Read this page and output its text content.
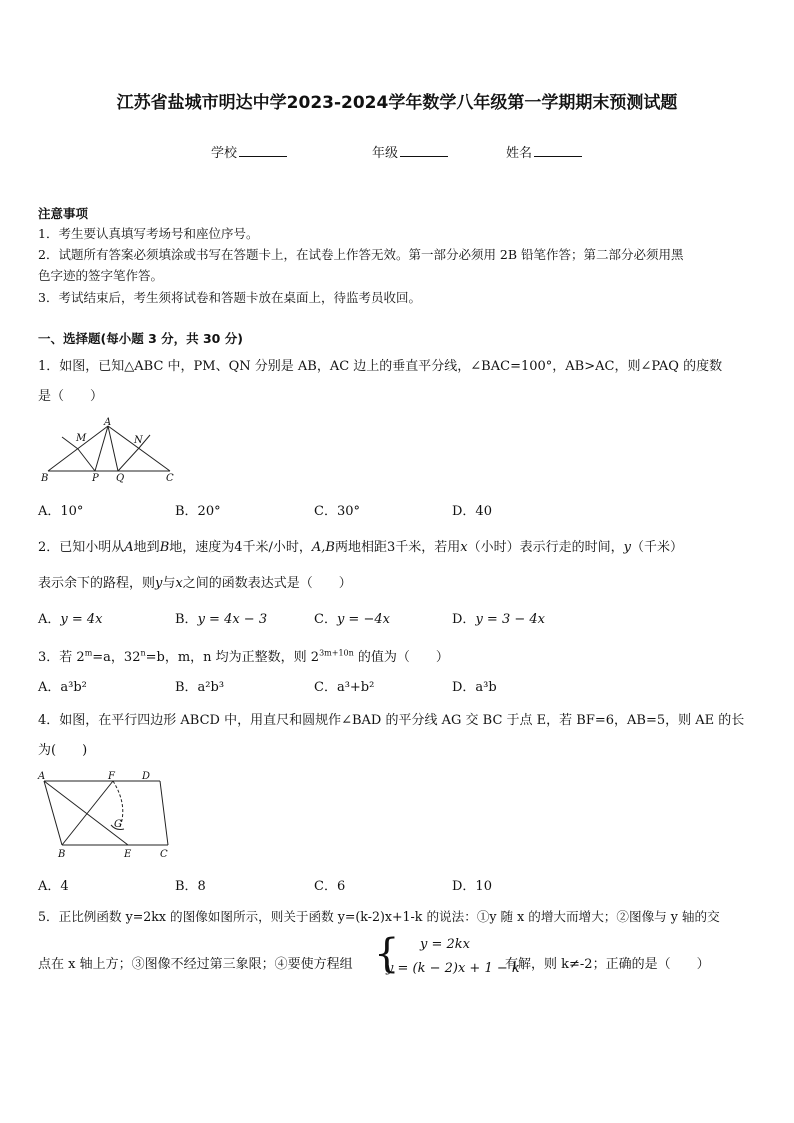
江苏省盐城市明达中学2023-2024学年数学八年级第一学期期末预测试题
学校	年级	姓名
注意事项
1．考生要认真填写考场号和座位序号。
2．试题所有答案必须填涂或书写在答题卡上，在试卷上作答无效。第一部分必须用 2B 铅笔作答；第二部分必须用黑
色字迹的签字笔作答。
3．考试结束后，考生须将试卷和答题卡放在桌面上，待监考员收回。
一、选择题(每小题 3 分，共 30 分)
1．如图，已知△ABC 中，PM、QN 分别是 AB，AC 边上的垂直平分线，∠BAC=100°，AB>AC，则∠PAQ 的度数
是（　　）
M
A
N
B	P Q	C
A．10°	B．20°	C．30°	D．40
2．已知小明从A地到B地，速度为4千米/小时，A,B两地相距3千米，若用x（小时）表示行走的时间，y（千米）
表示余下的路程，则y与x之间的函数表达式是（　　）
A．y = 4x	B．y = 4x − 3	C．y = −4x	D．y = 3 − 4x
3．若 $2^m=a$，$32^n=b$，m，n 均为正整数，则 $2^{3m+10n}$ 的值为（　　）
A．a³b²	B．a²b³	C．a³+b²	D．a³b
4．如图，在平行四边形 ABCD 中，用直尺和圆规作∠BAD 的平分线 AG 交 BC 于点 E，若 BF=6，AB=5，则 AE 的长
为(　　)
A	F	D
G
B	E	C
A．4	B．8	C．6	D．10
5．正比例函数 y=2kx 的图像如图所示，则关于函数 y=(k-2)x+1-k 的说法：①y 随 x 的增大而增大；②图像与 y 轴的交
点在 x 轴上方；③图像不经过第三象限；④要使方程组 { y = 2kx
y = (k − 2)x + 1 − k
有解，则 k≠-2；正确的是（　　）
